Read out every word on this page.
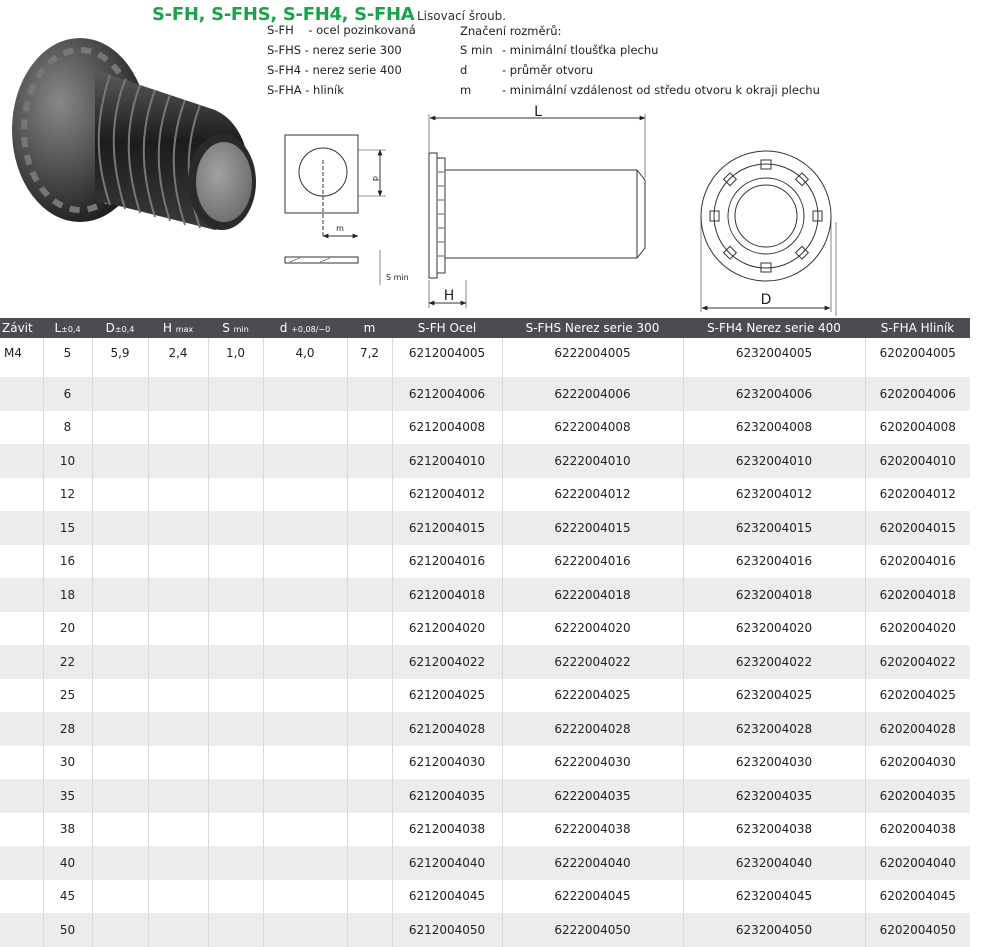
S-FH, S-FHS, S-FH4, S-FHA Lisovací šroub.
S-FH    - ocel pozinkovaná
S-FHS - nerez serie 300
S-FH4 - nerez serie 400
S-FHA - hliník
Značení rozměrů:
S min - minimální tloušťka plechu
d	- průměr otvoru
m	- minimální vzdálenost od středu otvoru k okraji plechu
d
m
S min
L
H	D
Závit	L±0,4	D±0,4	H max	S min	d +0,08/−0	m	S-FH Ocel	S-FHS Nerez serie 300	S-FH4 Nerez serie 400	S-FHA Hliník
M4	5	5,9	2,4	1,0	4,0	7,2	6212004005	6222004005	6232004005	6202004005
	6						6212004006	6222004006	6232004006	6202004006
	8						6212004008	6222004008	6232004008	6202004008
	10						6212004010	6222004010	6232004010	6202004010
	12						6212004012	6222004012	6232004012	6202004012
	15						6212004015	6222004015	6232004015	6202004015
	16						6212004016	6222004016	6232004016	6202004016
	18						6212004018	6222004018	6232004018	6202004018
	20						6212004020	6222004020	6232004020	6202004020
	22						6212004022	6222004022	6232004022	6202004022
	25						6212004025	6222004025	6232004025	6202004025
	28						6212004028	6222004028	6232004028	6202004028
	30						6212004030	6222004030	6232004030	6202004030
	35						6212004035	6222004035	6232004035	6202004035
	38						6212004038	6222004038	6232004038	6202004038
	40						6212004040	6222004040	6232004040	6202004040
	45						6212004045	6222004045	6232004045	6202004045
	50						6212004050	6222004050	6232004050	6202004050
